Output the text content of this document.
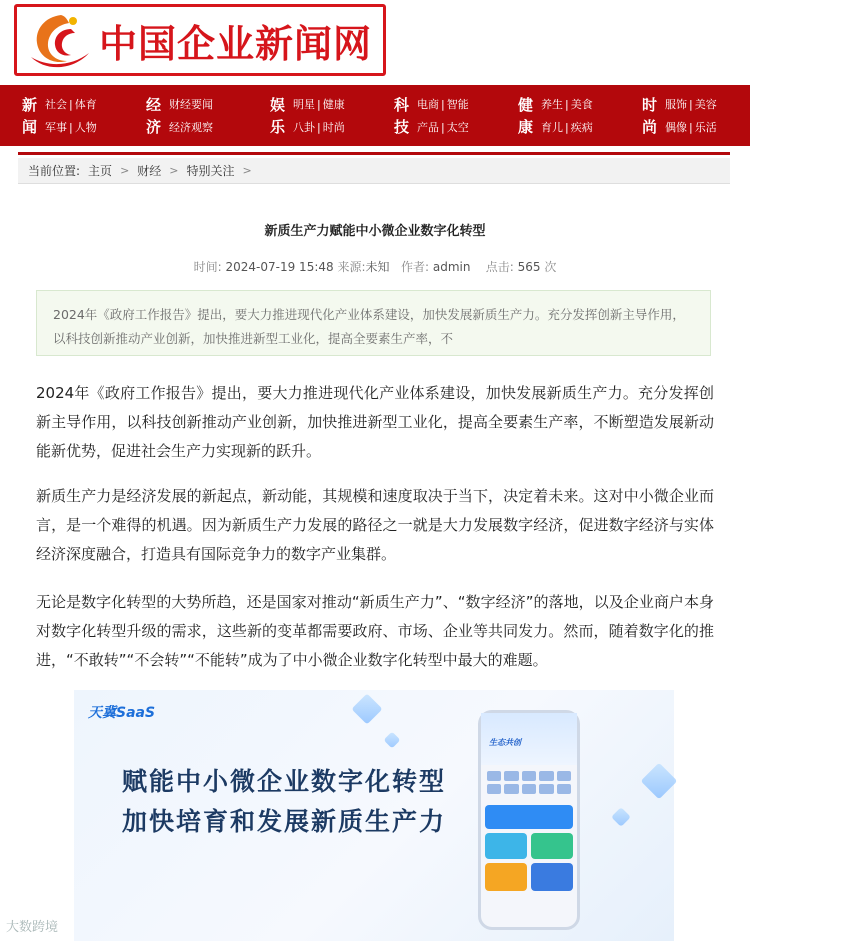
中国企业新闻网
新
闻
社会 | 体育
军事 | 人物
经
济
财经要闻
经济观察
娱
乐
明星 | 健康
八卦 | 时尚
科
技
电商 | 智能
产品 | 太空
健
康
养生 | 美食
育儿 | 疾病
时
尚
服饰 | 美容
偶像 | 乐活
旅
游
出境游 |
周边游 | 自
当前位置: 主页 > 财经 > 特别关注 >
新质生产力赋能中小微企业数字化转型
时间: 2024-07-19 15:48 来源:未知 作者: admin 点击: 565 次
2024年《政府工作报告》提出，要大力推进现代化产业体系建设，加快发展新质生产力。充分发挥创新主导作用，以科技创新推动产业创新，加快推进新型工业化，提高全要素生产率，不
2024年《政府工作报告》提出，要大力推进现代化产业体系建设，加快发展新质生产力。充分发挥创新主导作用，以科技创新推动产业创新，加快推进新型工业化，提高全要素生产率，不断塑造发展新动能新优势，促进社会生产力实现新的跃升。
新质生产力是经济发展的新起点，新动能，其规模和速度取决于当下，决定着未来。这对中小微企业而言，是一个难得的机遇。因为新质生产力发展的路径之一就是大力发展数字经济，促进数字经济与实体经济深度融合，打造具有国际竞争力的数字产业集群。
无论是数字化转型的大势所趋，还是国家对推动“新质生产力”、“数字经济”的落地，以及企业商户本身对数字化转型升级的需求，这些新的变革都需要政府、市场、企业等共同发力。然而，随着数字化的推进，“不敢转”“不会转”“不能转”成为了中小微企业数字化转型中最大的难题。
天冀SaaS
赋能中小微企业数字化转型
加快培育和发展新质生产力
生态共创
大数跨境
